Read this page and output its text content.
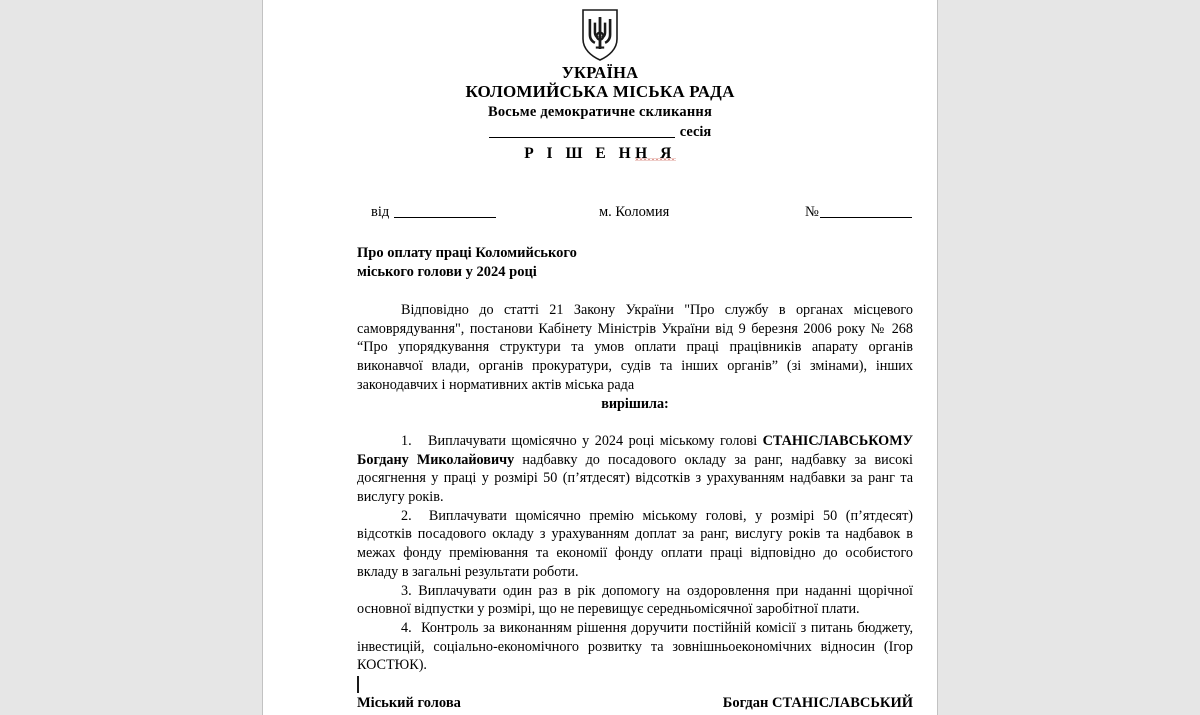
УКРАЇНА
КОЛОМИЙСЬКА МІСЬКА РАДА
Восьме демократичне скликання
сесія
Р І Ш Е НН Я
від	м. Коломия	№
Про оплату праці Коломийського
міського голови у 2024 році

Відповідно до статті 21 Закону України "Про службу в органах місцевого самоврядування", постанови Кабінету Міністрів України від 9 березня 2006 року № 268 “Про упорядкування структури та умов оплати праці працівників апарату органів виконавчої влади, органів прокуратури, судів та інших органів” (зі змінами), інших законодавчих і нормативних актів міська рада

вирішила:

1. Виплачувати щомісячно у 2024 році міському голові СТАНІСЛАВСЬКОМУ Богдану Миколайовичу надбавку до посадового окладу за ранг, надбавку за високі досягнення у праці у розмірі 50 (п’ятдесят) відсотків з урахуванням надбавки за ранг та вислугу років.

2. Виплачувати щомісячно премію міському голові, у розмірі 50 (п’ятдесят) відсотків посадового окладу з урахуванням доплат за ранг, вислугу років та надбавок в межах фонду преміювання та економії фонду оплати праці відповідно до особистого вкладу в загальні результати роботи.

3. Виплачувати один раз в рік допомогу на оздоровлення при наданні щорічної основної відпустки у розмірі, що не перевищує середньомісячної заробітної плати.

4. Контроль за виконанням рішення доручити постійній комісії з питань бюджету, інвестицій, соціально-економічного розвитку та зовнішньоекономічних відносин (Ігор КОСТЮК).

Міський голова	Богдан СТАНІСЛАВСЬКИЙ
